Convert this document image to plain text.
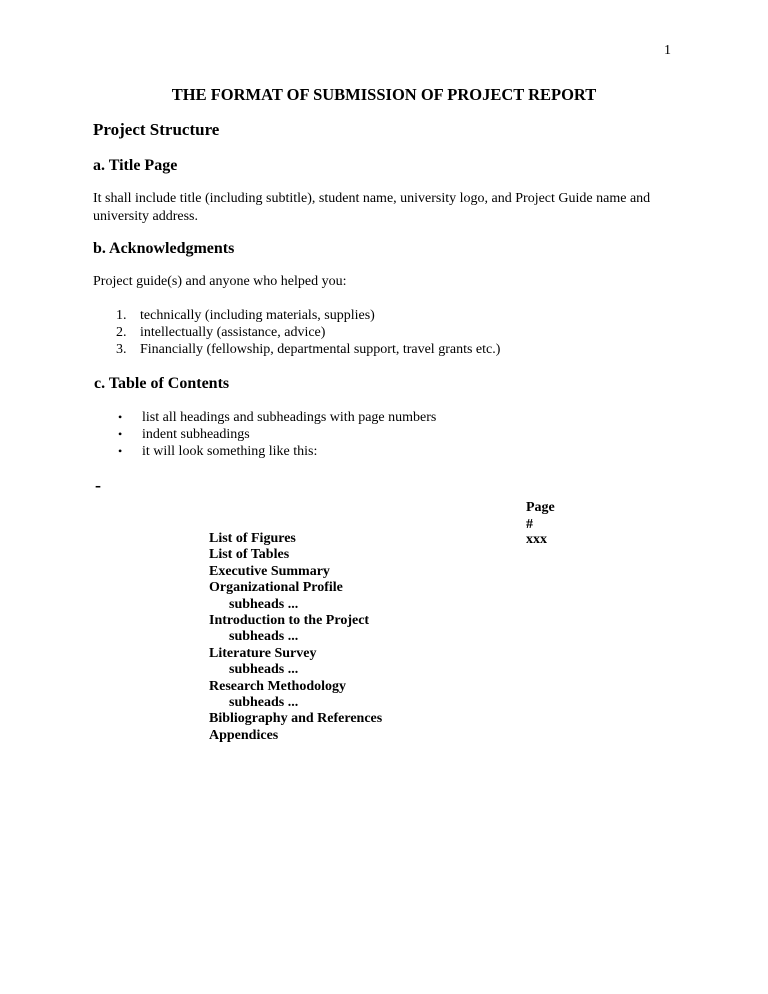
1
THE FORMAT OF SUBMISSION OF PROJECT REPORT
Project Structure
a. Title Page
It shall include title (including subtitle), student name, university logo, and Project Guide name and university address.
b. Acknowledgments
Project guide(s) and anyone who helped you:
1. technically (including materials, supplies)
2. intellectually (assistance, advice)
3. Financially (fellowship, departmental support, travel grants etc.)
c. Table of Contents
• list all headings and subheadings with page numbers
• indent subheadings
• it will look something like this:
-
Page
#
xxx
List of Figures
List of Tables
Executive Summary
Organizational Profile
subheads ...
Introduction to the Project
subheads ...
Literature Survey
subheads ...
Research Methodology
subheads ...
Bibliography and References
Appendices
